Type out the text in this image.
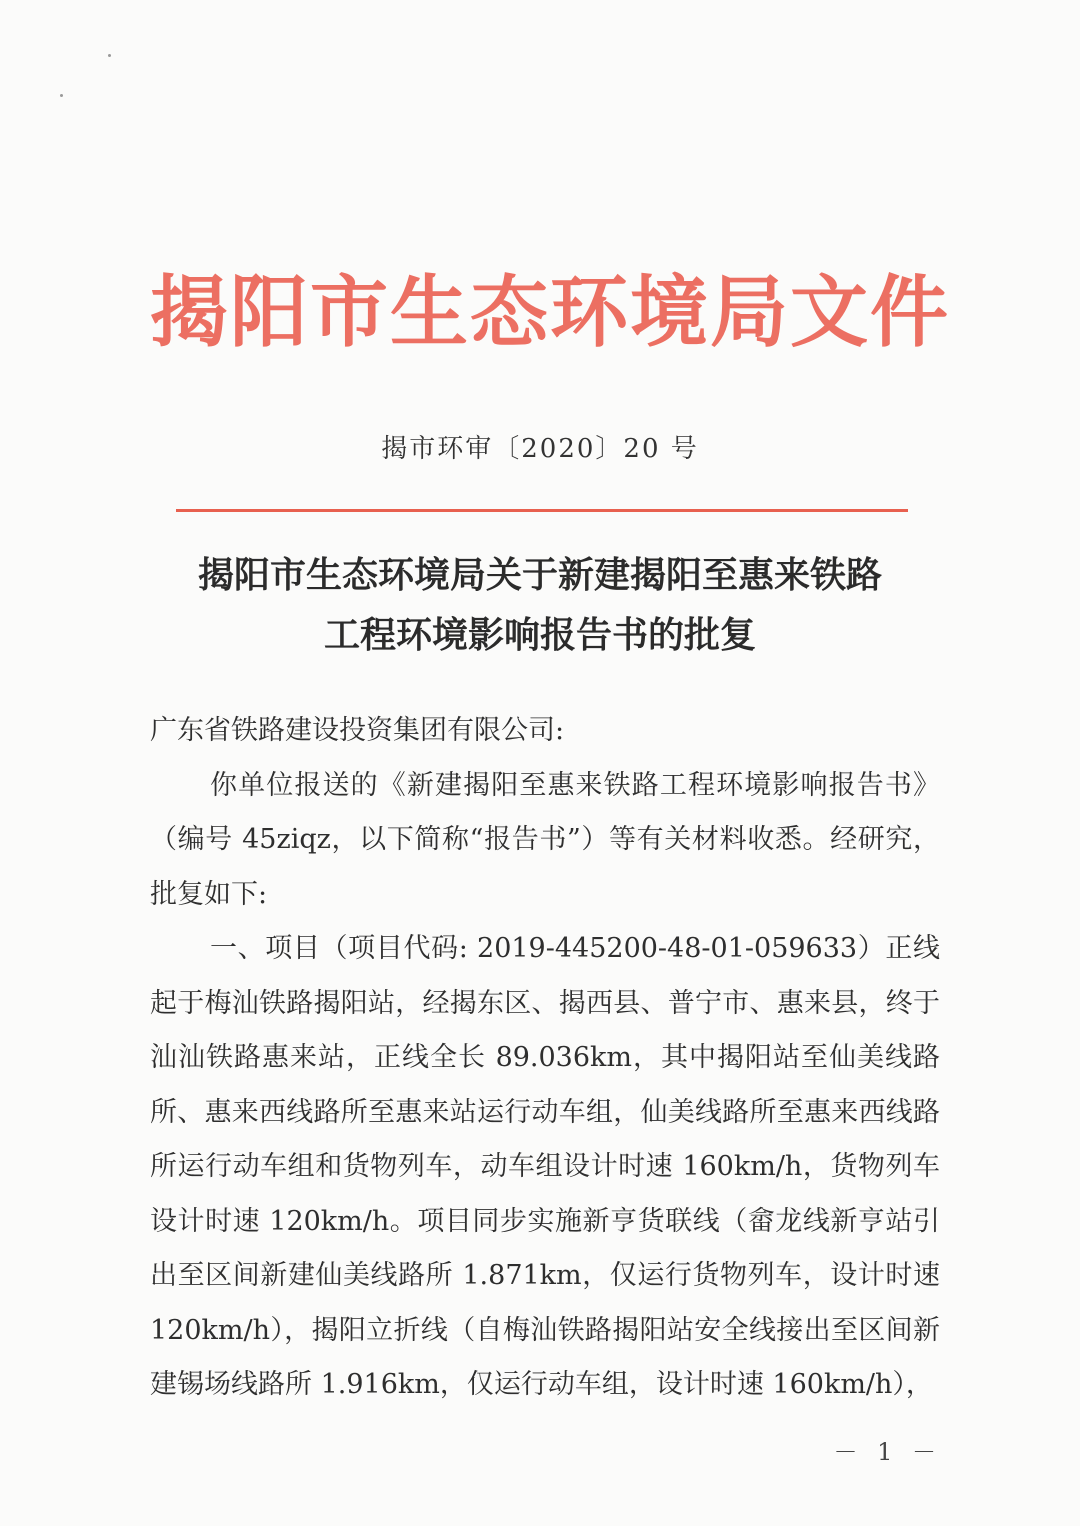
揭阳市生态环境局文件
揭市环审〔2020〕20 号
揭阳市生态环境局关于新建揭阳至惠来铁路
工程环境影响报告书的批复

广东省铁路建设投资集团有限公司:

你单位报送的《新建揭阳至惠来铁路工程环境影响报告书》（编号 45ziqz，以下简称“报告书”）等有关材料收悉。经研究，批复如下:

一、项目（项目代码: 2019-445200-48-01-059633）正线起于梅汕铁路揭阳站，经揭东区、揭西县、普宁市、惠来县，终于汕汕铁路惠来站，正线全长 89.036km，其中揭阳站至仙美线路所、惠来西线路所至惠来站运行动车组，仙美线路所至惠来西线路所运行动车组和货物列车，动车组设计时速 160km/h，货物列车设计时速 120km/h。项目同步实施新亨货联线（畲龙线新亨站引出至区间新建仙美线路所 1.871km，仅运行货物列车，设计时速 120km/h），揭阳立折线（自梅汕铁路揭阳站安全线接出至区间新建锡场线路所 1.916km，仅运行动车组，设计时速 160km/h），

－ 1 －
